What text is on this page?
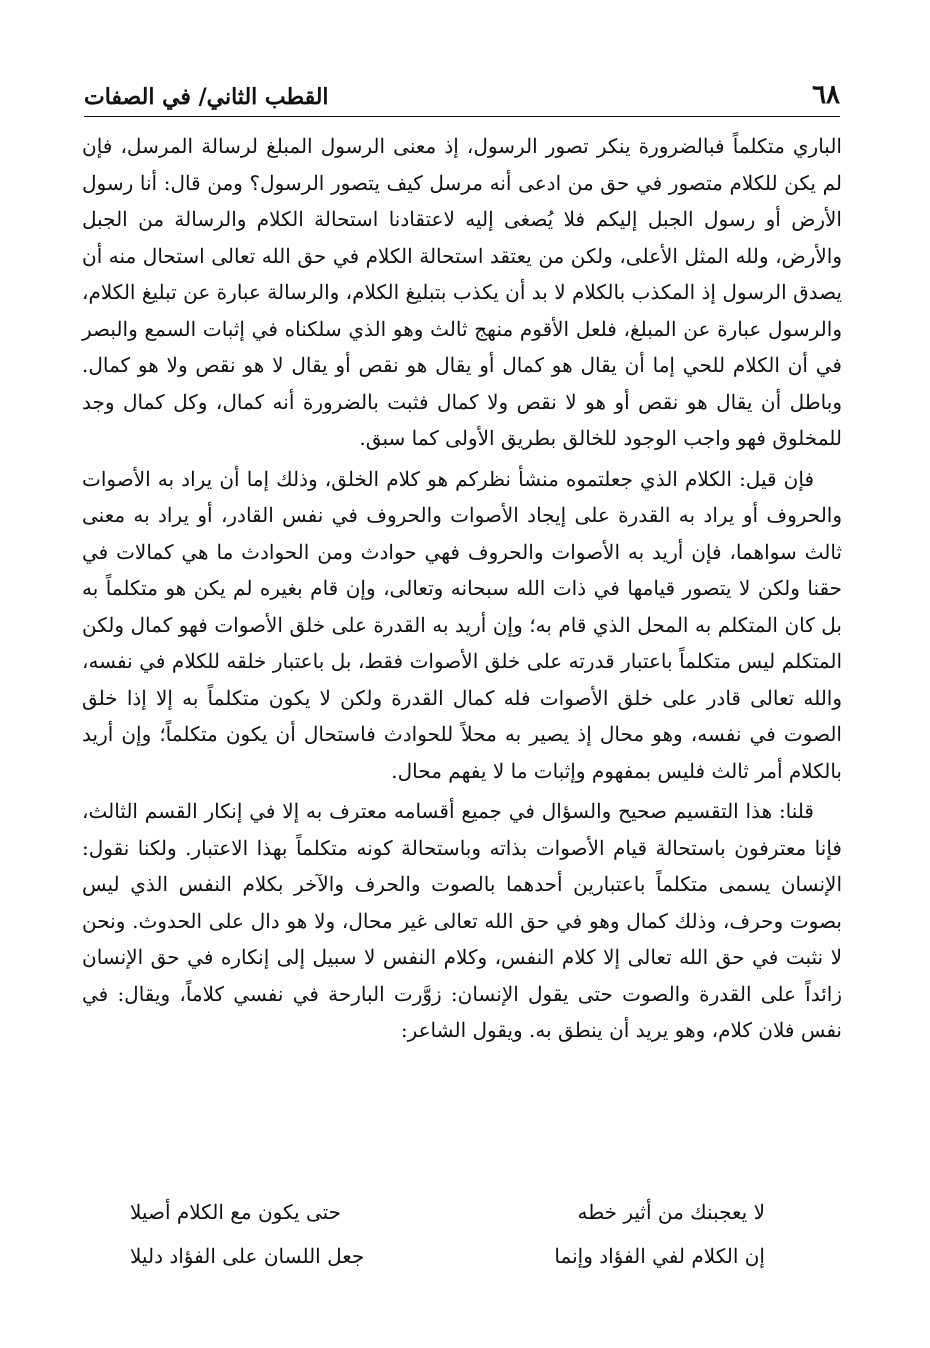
٦٨
القطب الثاني/ في الصفات

الباري متكلماً فبالضرورة ينكر تصور الرسول، إذ معنى الرسول المبلغ لرسالة المرسل، فإن لم يكن للكلام متصور في حق من ادعى أنه مرسل كيف يتصور الرسول؟ ومن قال: أنا رسول الأرض أو رسول الجبل إليكم فلا يُصغى إليه لاعتقادنا استحالة الكلام والرسالة من الجبل والأرض، ولله المثل الأعلى، ولكن من يعتقد استحالة الكلام في حق الله تعالى استحال منه أن يصدق الرسول إذ المكذب بالكلام لا بد أن يكذب بتبليغ الكلام، والرسالة عبارة عن تبليغ الكلام، والرسول عبارة عن المبلغ، فلعل الأقوم منهج ثالث وهو الذي سلكناه في إثبات السمع والبصر في أن الكلام للحي إما أن يقال هو كمال أو يقال هو نقص أو يقال لا هو نقص ولا هو كمال. وباطل أن يقال هو نقص أو هو لا نقص ولا كمال فثبت بالضرورة أنه كمال، وكل كمال وجد للمخلوق فهو واجب الوجود للخالق بطريق الأولى كما سبق.

فإن قيل: الكلام الذي جعلتموه منشأ نظركم هو كلام الخلق، وذلك إما أن يراد به الأصوات والحروف أو يراد به القدرة على إيجاد الأصوات والحروف في نفس القادر، أو يراد به معنى ثالث سواهما، فإن أريد به الأصوات والحروف فهي حوادث ومن الحوادث ما هي كمالات في حقنا ولكن لا يتصور قيامها في ذات الله سبحانه وتعالى، وإن قام بغيره لم يكن هو متكلماً به بل كان المتكلم به المحل الذي قام به؛ وإن أريد به القدرة على خلق الأصوات فهو كمال ولكن المتكلم ليس متكلماً باعتبار قدرته على خلق الأصوات فقط، بل باعتبار خلقه للكلام في نفسه، والله تعالى قادر على خلق الأصوات فله كمال القدرة ولكن لا يكون متكلماً به إلا إذا خلق الصوت في نفسه، وهو محال إذ يصير به محلاً للحوادث فاستحال أن يكون متكلماً؛ وإن أريد بالكلام أمر ثالث فليس بمفهوم وإثبات ما لا يفهم محال.

قلنا: هذا التقسيم صحيح والسؤال في جميع أقسامه معترف به إلا في إنكار القسم الثالث، فإنا معترفون باستحالة قيام الأصوات بذاته وباستحالة كونه متكلماً بهذا الاعتبار. ولكنا نقول: الإنسان يسمى متكلماً باعتبارين أحدهما بالصوت والحرف والآخر بكلام النفس الذي ليس بصوت وحرف، وذلك كمال وهو في حق الله تعالى غير محال، ولا هو دال على الحدوث. ونحن لا نثبت في حق الله تعالى إلا كلام النفس، وكلام النفس لا سبيل إلى إنكاره في حق الإنسان زائداً على القدرة والصوت حتى يقول الإنسان: زوَّرت البارحة في نفسي كلاماً، ويقال: في نفس فلان كلام، وهو يريد أن ينطق به. ويقول الشاعر:

لا يعجبنك من أثير خطه
حتى يكون مع الكلام أصيلا
إن الكلام لفي الفؤاد وإنما
جعل اللسان على الفؤاد دليلا
